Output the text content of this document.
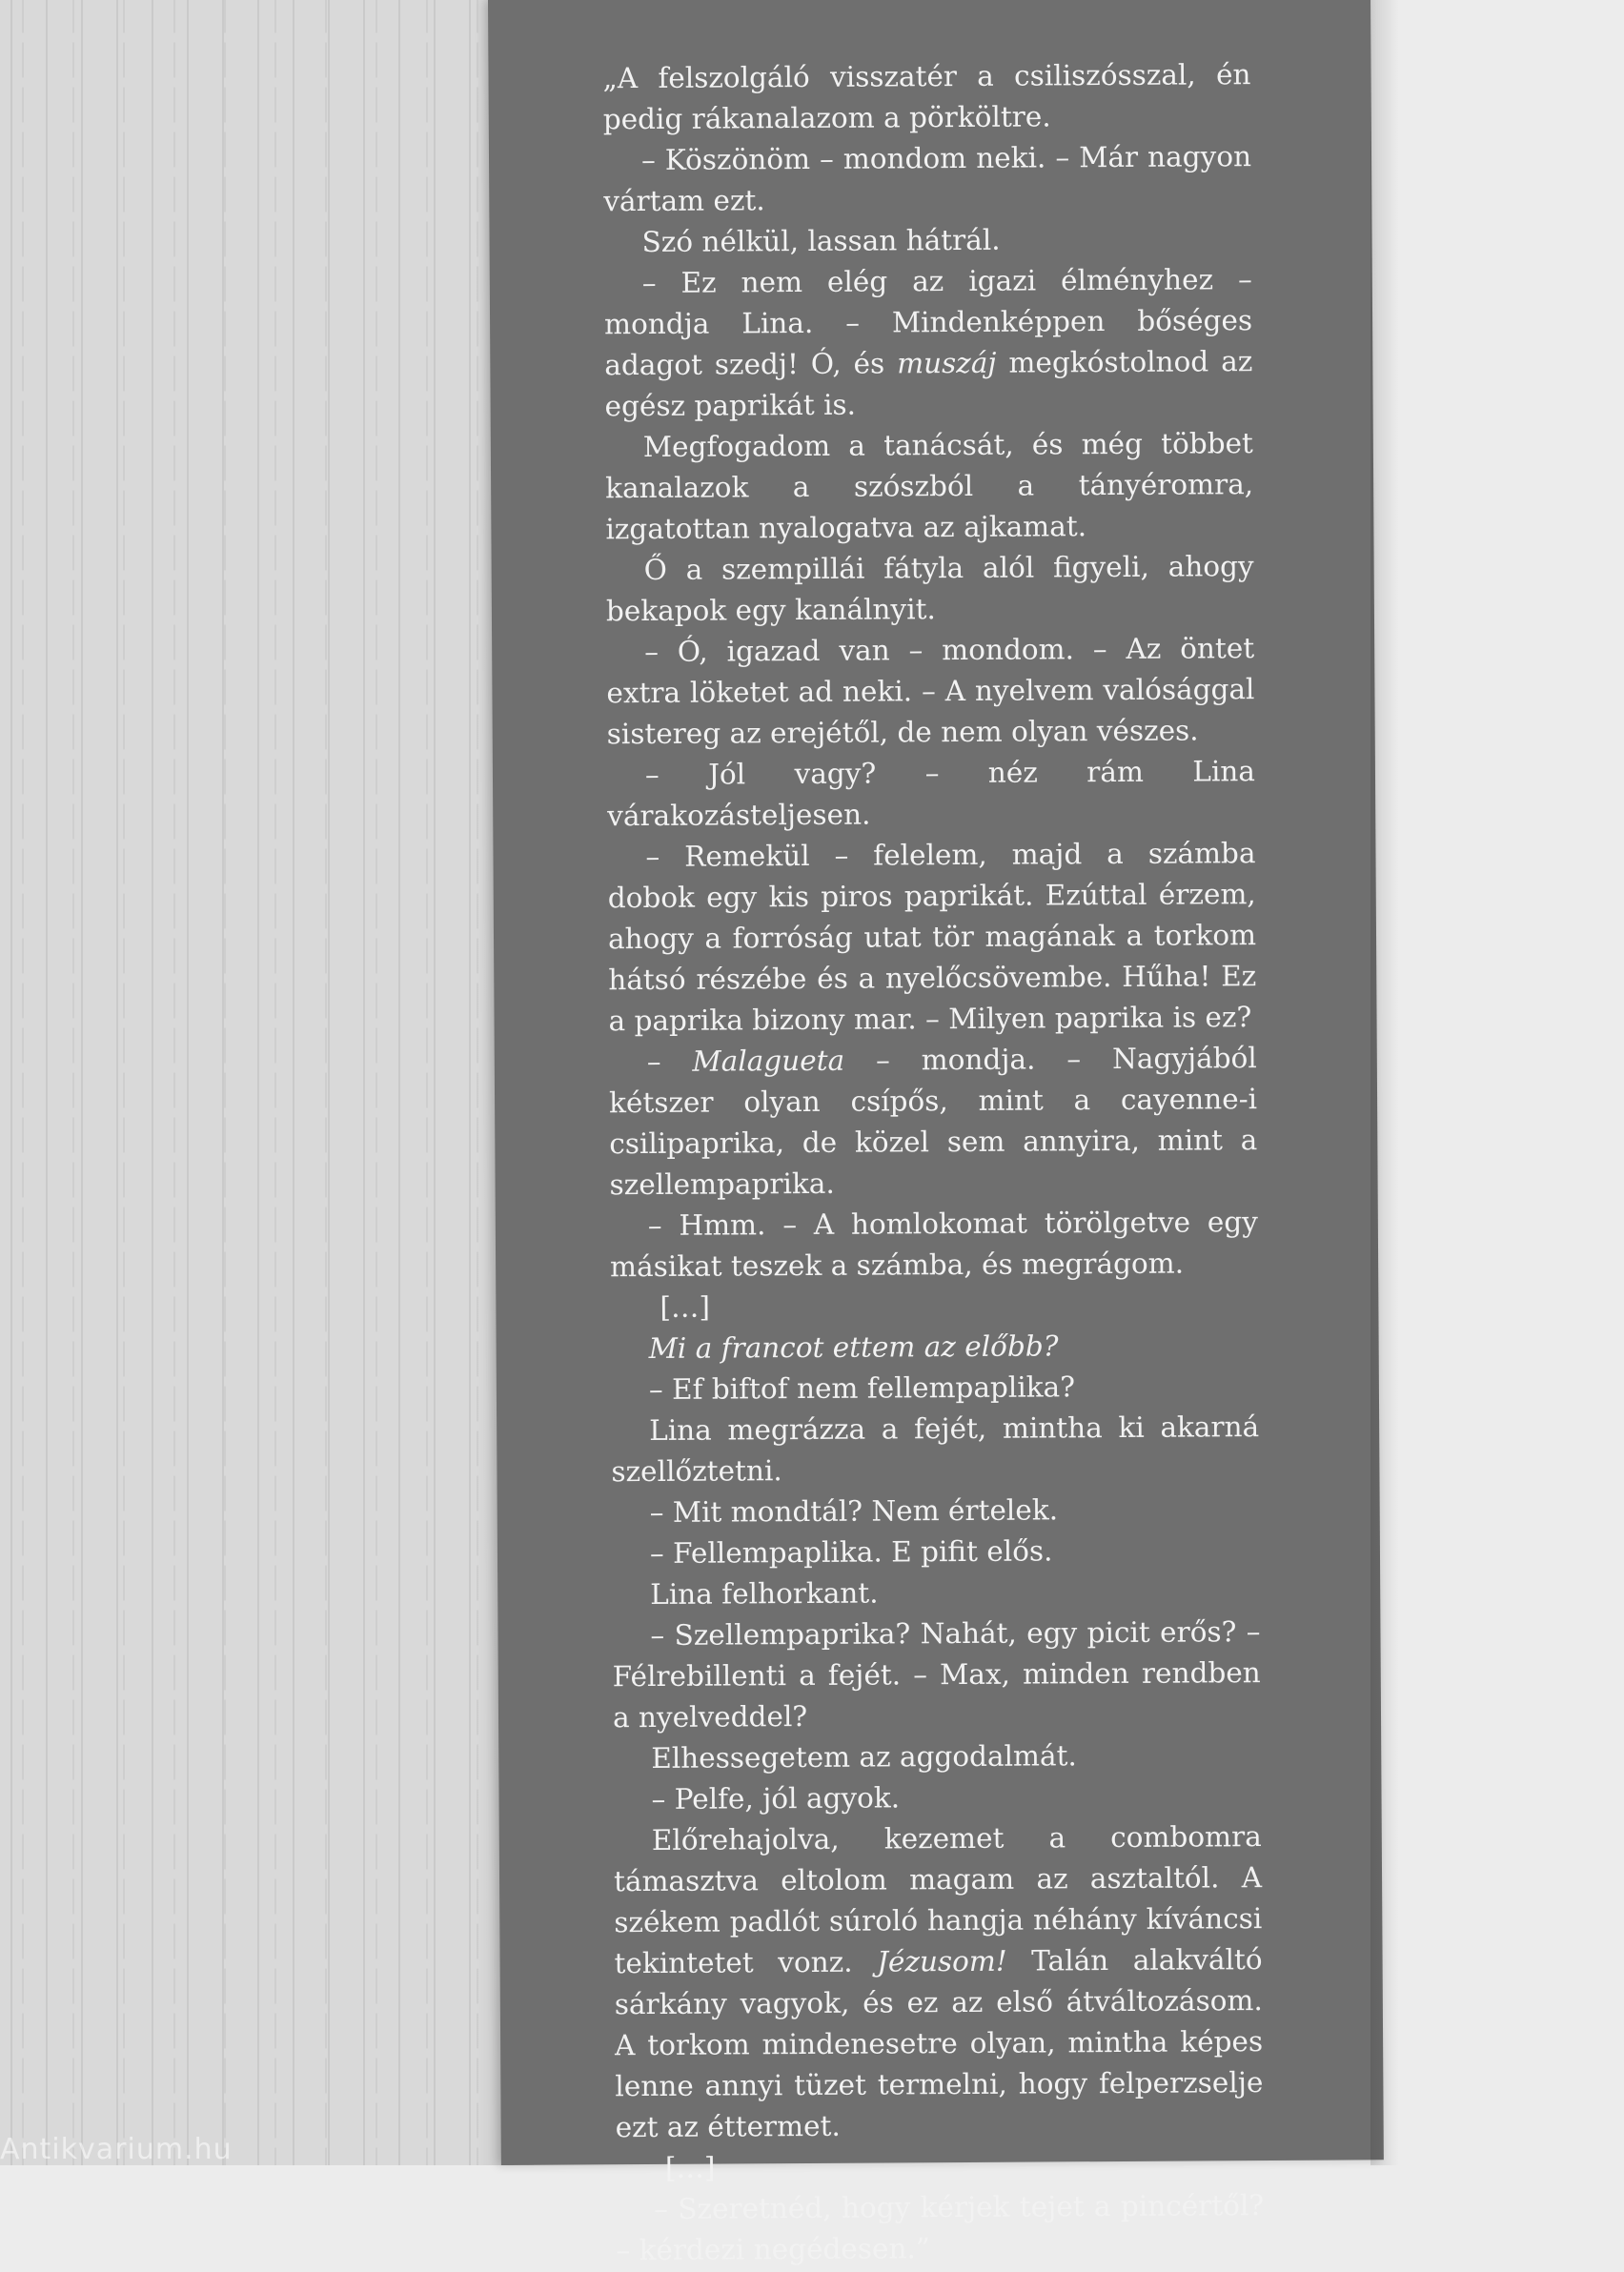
„A felszolgáló visszatér a csiliszósszal, én pedig rákanalazom a pörköltre.

– Köszönöm – mondom neki. – Már nagyon vártam ezt.

Szó nélkül, lassan hátrál.

– Ez nem elég az igazi élményhez – mondja Lina. – Mindenképpen bőséges adagot szedj! Ó, és muszáj megkóstolnod az egész paprikát is.

Megfogadom a tanácsát, és még többet kanalazok a szószból a tányéromra, izgatottan nyalogatva az ajkamat.

Ő a szempillái fátyla alól figyeli, ahogy bekapok egy kanálnyit.

– Ó, igazad van – mondom. – Az öntet extra löketet ad neki. – A nyelvem valósággal sistereg az erejétől, de nem olyan vészes.

– Jól vagy? – néz rám Lina várakozásteljesen.

– Remekül – felelem, majd a számba dobok egy kis piros paprikát. Ezúttal érzem, ahogy a forróság utat tör magának a torkom hátsó részébe és a nyelőcsövembe. Hűha! Ez a paprika bizony mar. – Milyen paprika is ez?

– Malagueta – mondja. – Nagyjából kétszer olyan csípős, mint a cayenne-i csilipaprika, de közel sem annyira, mint a szellempaprika.

– Hmm. – A homlokomat törölgetve egy másikat teszek a számba, és megrágom.

[…]

Mi a francot ettem az előbb?

– Ef biftof nem fellempaplika?

Lina megrázza a fejét, mintha ki akarná szellőztetni.

– Mit mondtál? Nem értelek.

– Fellempaplika. E pifit elős.

Lina felhorkant.

– Szellempaprika? Nahát, egy picit erős? – Félrebillenti a fejét. – Max, minden rendben a nyelveddel?

Elhessegetem az aggodalmát.

– Pelfe, jól agyok.

Előrehajolva, kezemet a combomra támasztva eltolom magam az asztaltól. A székem padlót súroló hangja néhány kíváncsi tekintetet vonz. Jézusom! Talán alakváltó sárkány vagyok, és ez az első átváltozásom. A torkom mindenesetre olyan, mintha képes lenne annyi tüzet termelni, hogy felperzselje ezt az éttermet.

[…]

– Szeretnéd, hogy kérjek tejet a pincértől? – kérdezi negédesen.”

Antikvarium.hu
